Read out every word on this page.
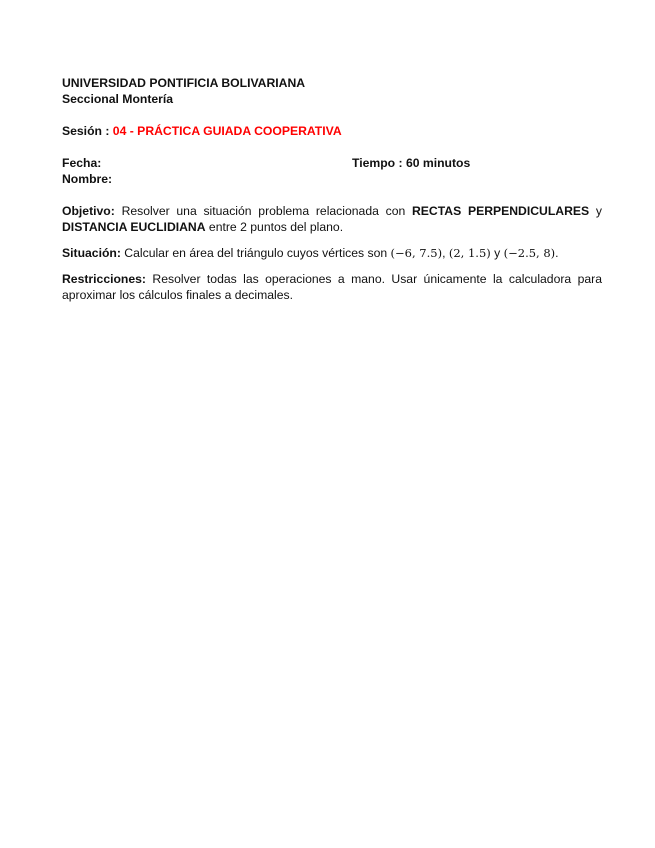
UNIVERSIDAD PONTIFICIA BOLIVARIANA
Seccional Montería
Sesión : 04 - PRÁCTICA GUIADA COOPERATIVA
Fecha:	Tiempo : 60 minutos
Nombre:
Objetivo: Resolver una situación problema relacionada con RECTAS PERPENDICULARES y DISTANCIA EUCLIDIANA entre 2 puntos del plano.
Situación: Calcular en área del triángulo cuyos vértices son (−6, 7.5), (2, 1.5) y (−2.5, 8).
Restricciones: Resolver todas las operaciones a mano. Usar únicamente la calculadora para aproximar los cálculos finales a decimales.
